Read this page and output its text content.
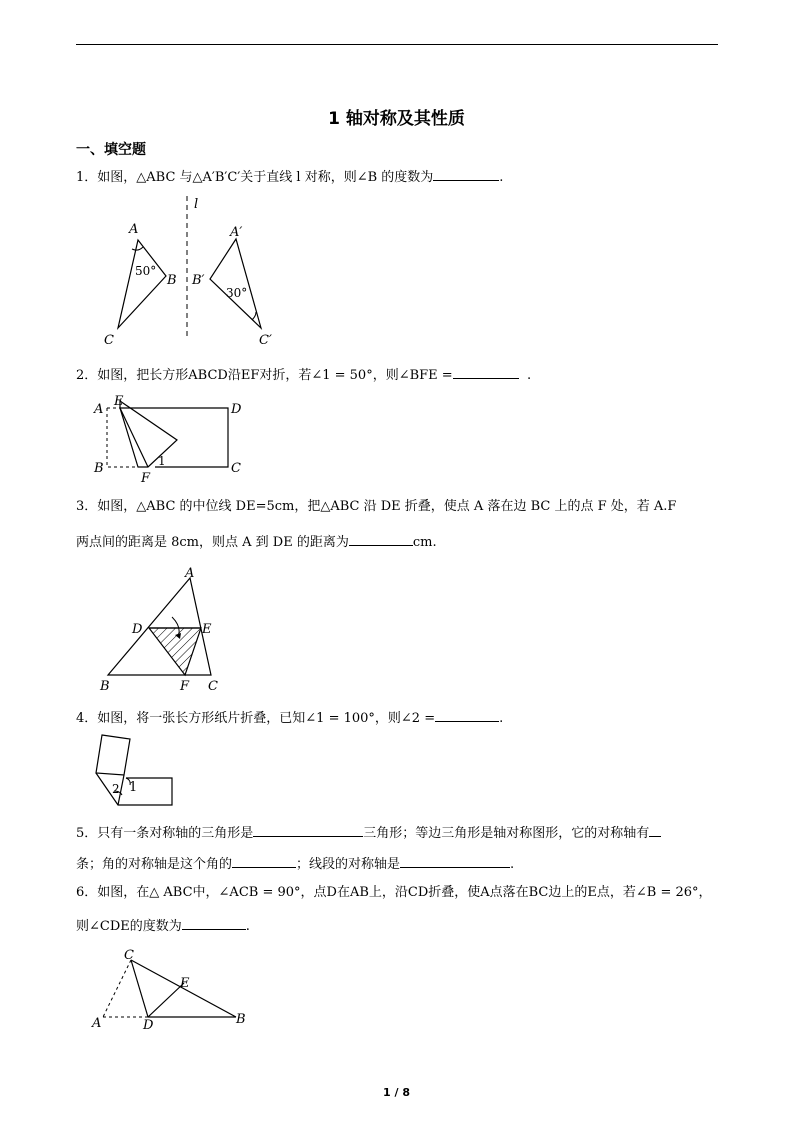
1 轴对称及其性质
一、填空题
1．如图，△ABC 与△A′B′C′关于直线 l 对称，则∠B 的度数为	.
A
B
C
l
A′
B′
C′
50°
30°
2．如图，把长方形ABCD沿EF对折，若∠1 = 50°，则∠BFE =	.
A
E
D
B	C
F
1
3．如图，△ABC 的中位线 DE=5cm，把△ABC 沿 DE 折叠，使点 A 落在边 BC 上的点 F 处，若 A.F
两点间的距离是 8cm，则点 A 到 DE 的距离为	cm.
A
D	E
B	F C
4．如图，将一张长方形纸片折叠，已知∠1 = 100°，则∠2 =	.
2 1
5．只有一条对称轴的三角形是	三角形；等边三角形是轴对称图形，它的对称轴有
条；角的对称轴是这个角的	；线段的对称轴是	.
6．如图，在△ ABC中，∠ACB = 90°，点D在AB上，沿CD折叠，使A点落在BC边上的E点，若∠B = 26°，
则∠CDE的度数为	.
C
E
A	D	B
1 / 8
